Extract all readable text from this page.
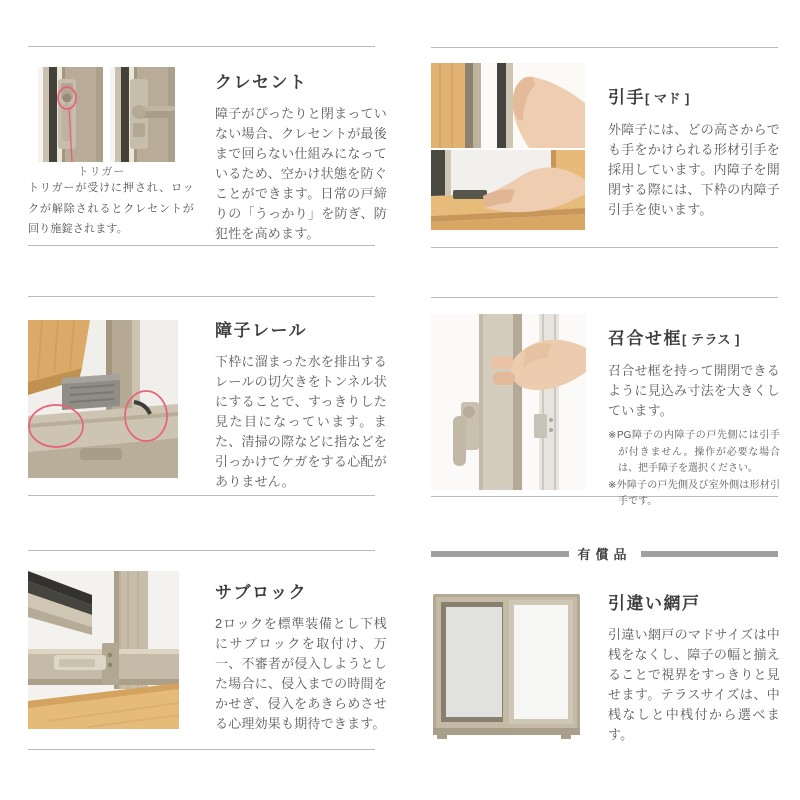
トリガー
トリガーが受けに押され、ロックが解除されるとクレセントが回り施錠されます。
クレセント

障子がぴったりと閉まっていない場合、クレセントが最後まで回らない仕組みになっているため、空かけ状態を防ぐことができます。日常の戸締りの「うっかり」を防ぎ、防犯性を高めます。

引手[ マド ]

外障子には、どの高さからでも手をかけられる形材引手を採用しています。内障子を開閉する際には、下枠の内障子引手を使います。

障子レール

下枠に溜まった水を排出するレールの切欠きをトンネル状にすることで、すっきりした見た目になっています。また、清掃の際などに指などを引っかけてケガをする心配がありません。

召合せ框[ テラス ]

召合せ框を持って開閉できるように見込み寸法を大きくしています。

※PG障子の内障子の戸先側には引手が付きません。操作が必要な場合は、把手障子を選択ください。
※外障子の戸先側及び室外側は形材引手です。
サブロック

2ロックを標準装備とし下桟にサブロックを取付け、万一、不審者が侵入しようとした場合に、侵入までの時間をかせぎ、侵入をあきらめさせる心理効果も期待できます。

有償品
引違い網戸

引違い網戸のマドサイズは中桟をなくし、障子の幅と揃えることで視界をすっきりと見せます。テラスサイズは、中桟なしと中桟付から選べます。
